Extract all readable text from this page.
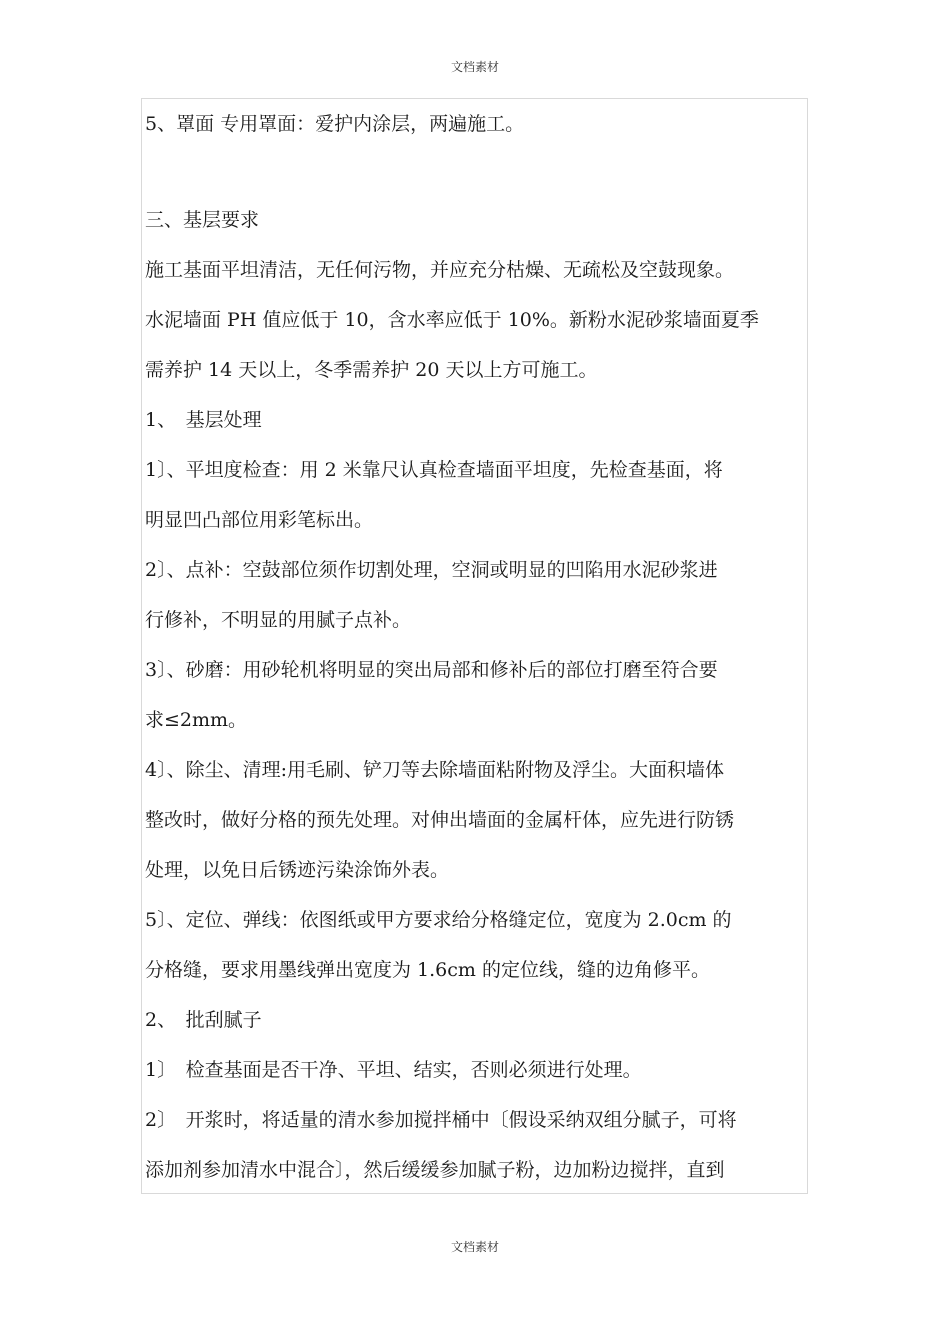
文档素材
5、罩面 专用罩面：爱护内涂层，两遍施工。
三、基层要求
施工基面平坦清洁，无任何污物，并应充分枯燥、无疏松及空鼓现象。
水泥墙面 PH 值应低于 10，含水率应低于 10%。新粉水泥砂浆墙面夏季
需养护 14 天以上，冬季需养护 20 天以上方可施工。
1、　基层处理
1〕、平坦度检查：用 2 米靠尺认真检查墙面平坦度，先检查基面，将
明显凹凸部位用彩笔标出。
2〕、点补：空鼓部位须作切割处理，空洞或明显的凹陷用水泥砂浆进
行修补，不明显的用腻子点补。
3〕、砂磨：用砂轮机将明显的突出局部和修补后的部位打磨至符合要
求≤2mm。
4〕、除尘、清理:用毛刷、铲刀等去除墙面粘附物及浮尘。大面积墙体
整改时，做好分格的预先处理。对伸出墙面的金属杆体，应先进行防锈
处理，以免日后锈迹污染涂饰外表。
5〕、定位、弹线：依图纸或甲方要求给分格缝定位，宽度为 2.0cm 的
分格缝，要求用墨线弹出宽度为 1.6cm 的定位线，缝的边角修平。
2、　批刮腻子
1〕　检查基面是否干净、平坦、结实，否则必须进行处理。
2〕　开浆时，将适量的清水参加搅拌桶中〔假设采纳双组分腻子，可将
添加剂参加清水中混合〕，然后缓缓参加腻子粉，边加粉边搅拌，直到
文档素材
